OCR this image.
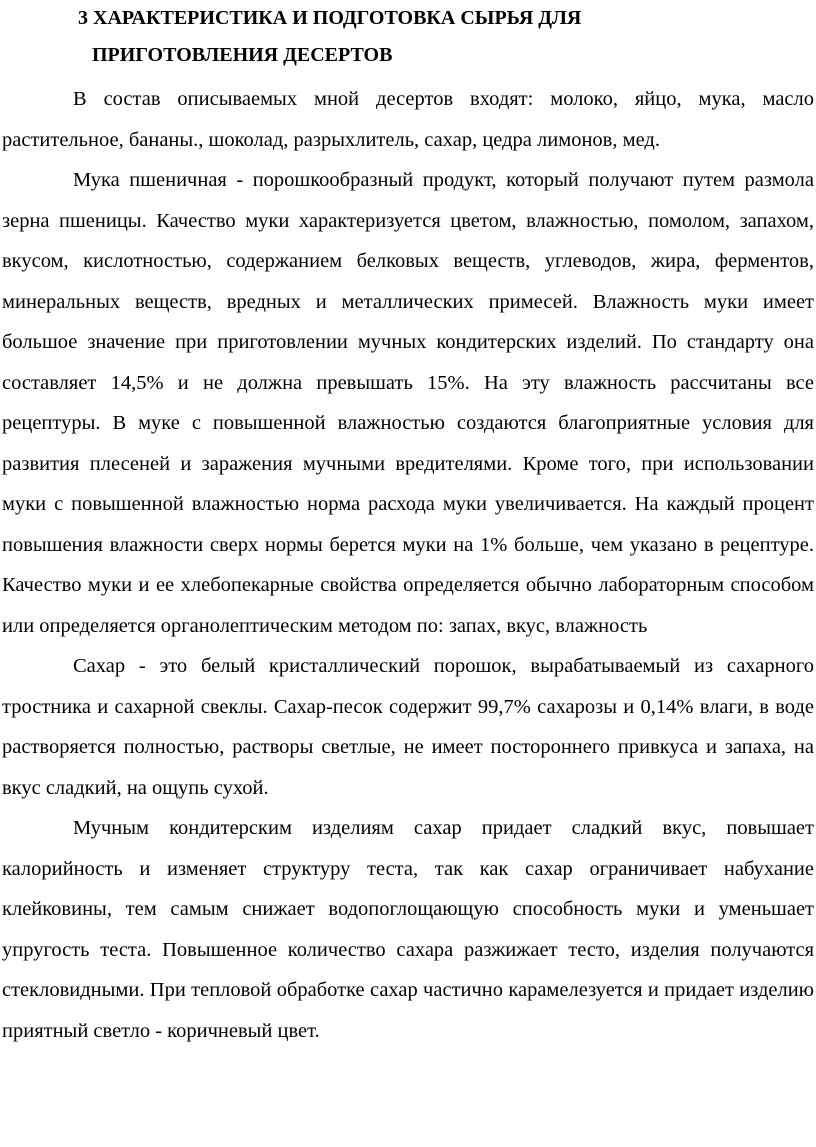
3 ХАРАКТЕРИСТИКА И ПОДГОТОВКА СЫРЬЯ ДЛЯ
ПРИГОТОВЛЕНИЯ ДЕСЕРТОВ

В состав описываемых мной десертов входят: молоко, яйцо, мука, масло растительное, бананы., шоколад, разрыхлитель, сахар, цедра лимонов, мед.

Мука пшеничная - порошкообразный продукт, который получают путем размола зерна пшеницы. Качество муки характеризуется цветом, влажностью, помолом, запахом, вкусом, кислотностью, содержанием белковых веществ, углеводов, жира, ферментов, минеральных веществ, вредных и металлических примесей. Влажность муки имеет большое значение при приготовлении мучных кондитерских изделий. По стандарту она составляет 14,5% и не должна превышать 15%. На эту влажность рассчитаны все рецептуры. В муке с повышенной влажностью создаются благоприятные условия для развития плесеней и заражения мучными вредителями. Кроме того, при использовании муки с повышенной влажностью норма расхода муки увеличивается. На каждый процент повышения влажности сверх нормы берется муки на 1% больше, чем указано в рецептуре. Качество муки и ее хлебопекарные свойства определяется обычно лабораторным способом или определяется органолептическим методом по: запах, вкус, влажность

Сахар - это белый кристаллический порошок, вырабатываемый из сахарного тростника и сахарной свеклы. Сахар-песок содержит 99,7% сахарозы и 0,14% влаги, в воде растворяется полностью, растворы светлые, не имеет постороннего привкуса и запаха, на вкус сладкий, на ощупь сухой.

Мучным кондитерским изделиям сахар придает сладкий вкус, повышает калорийность и изменяет структуру теста, так как сахар ограничивает набухание клейковины, тем самым снижает водопоглощающую способность муки и уменьшает упругость теста. Повышенное количество сахара разжижает тесто, изделия получаются стекловидными. При тепловой обработке сахар частично карамелезуется и придает изделию приятный светло - коричневый цвет.
